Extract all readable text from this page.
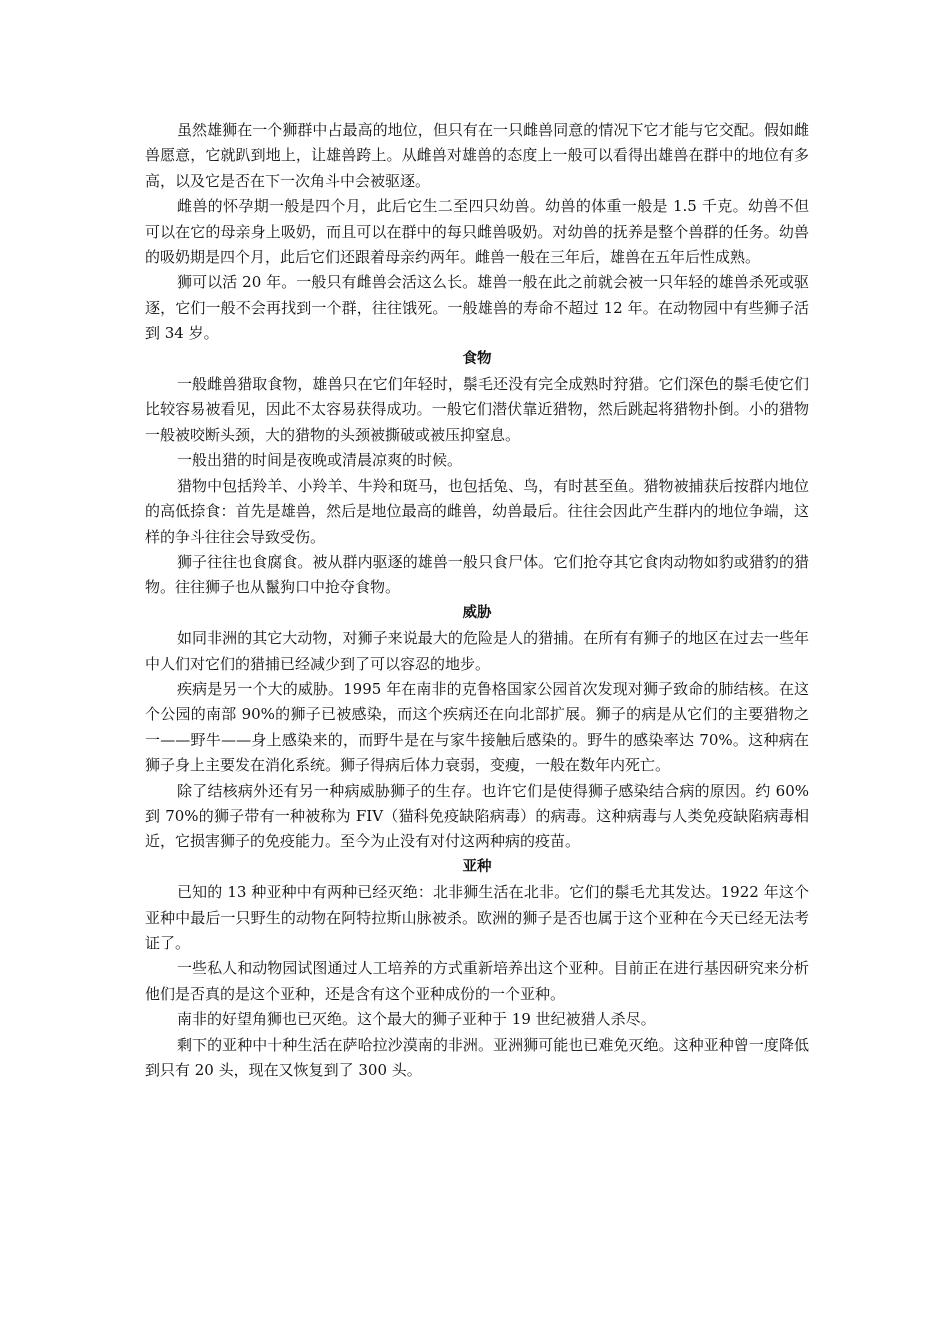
虽然雄狮在一个狮群中占最高的地位，但只有在一只雌兽同意的情况下它才能与它交配。假如雌兽愿意，它就趴到地上，让雄兽跨上。从雌兽对雄兽的态度上一般可以看得出雄兽在群中的地位有多高，以及它是否在下一次角斗中会被驱逐。

雌兽的怀孕期一般是四个月，此后它生二至四只幼兽。幼兽的体重一般是 1.5 千克。幼兽不但可以在它的母亲身上吸奶，而且可以在群中的每只雌兽吸奶。对幼兽的抚养是整个兽群的任务。幼兽的吸奶期是四个月，此后它们还跟着母亲约两年。雌兽一般在三年后，雄兽在五年后性成熟。

狮可以活 20 年。一般只有雌兽会活这么长。雄兽一般在此之前就会被一只年轻的雄兽杀死或驱逐，它们一般不会再找到一个群，往往饿死。一般雄兽的寿命不超过 12 年。在动物园中有些狮子活到 34 岁。

食物

一般雌兽猎取食物，雄兽只在它们年轻时，鬃毛还没有完全成熟时狩猎。它们深色的鬃毛使它们比较容易被看见，因此不太容易获得成功。一般它们潜伏靠近猎物，然后跳起将猎物扑倒。小的猎物一般被咬断头颈，大的猎物的头颈被撕破或被压抑窒息。

一般出猎的时间是夜晚或清晨凉爽的时候。

猎物中包括羚羊、小羚羊、牛羚和斑马，也包括兔、鸟，有时甚至鱼。猎物被捕获后按群内地位的高低捺食：首先是雄兽，然后是地位最高的雌兽，幼兽最后。往往会因此产生群内的地位争端，这样的争斗往往会导致受伤。

狮子往往也食腐食。被从群内驱逐的雄兽一般只食尸体。它们抢夺其它食肉动物如豹或猎豹的猎物。往往狮子也从鬣狗口中抢夺食物。

威胁

如同非洲的其它大动物，对狮子来说最大的危险是人的猎捕。在所有有狮子的地区在过去一些年中人们对它们的猎捕已经减少到了可以容忍的地步。

疾病是另一个大的威胁。1995 年在南非的克鲁格国家公园首次发现对狮子致命的肺结核。在这个公园的南部 90%的狮子已被感染，而这个疾病还在向北部扩展。狮子的病是从它们的主要猎物之一——野牛——身上感染来的，而野牛是在与家牛接触后感染的。野牛的感染率达 70%。这种病在狮子身上主要发在消化系统。狮子得病后体力衰弱，变瘦，一般在数年内死亡。

除了结核病外还有另一种病威胁狮子的生存。也许它们是使得狮子感染结合病的原因。约 60%到 70%的狮子带有一种被称为 FIV（猫科免疫缺陷病毒）的病毒。这种病毒与人类免疫缺陷病毒相近，它损害狮子的免疫能力。至今为止没有对付这两种病的疫苗。

亚种

已知的 13 种亚种中有两种已经灭绝：北非狮生活在北非。它们的鬃毛尤其发达。1922 年这个亚种中最后一只野生的动物在阿特拉斯山脉被杀。欧洲的狮子是否也属于这个亚种在今天已经无法考证了。

一些私人和动物园试图通过人工培养的方式重新培养出这个亚种。目前正在进行基因研究来分析他们是否真的是这个亚种，还是含有这个亚种成份的一个亚种。

南非的好望角狮也已灭绝。这个最大的狮子亚种于 19 世纪被猎人杀尽。

剩下的亚种中十种生活在萨哈拉沙漠南的非洲。亚洲狮可能也已难免灭绝。这种亚种曾一度降低到只有 20 头，现在又恢复到了 300 头。
